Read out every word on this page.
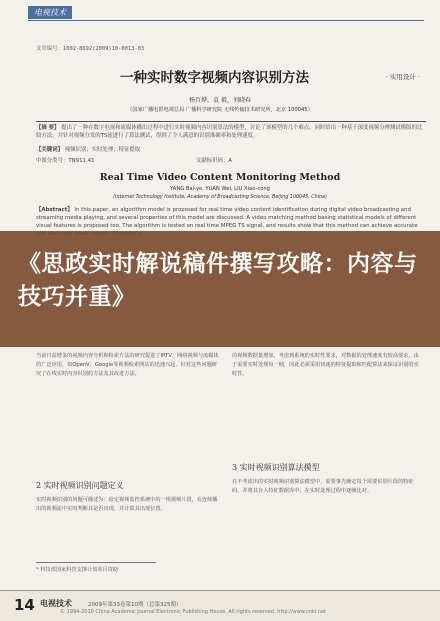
电视技术
文章编号：1002-8692(2009)10-0013-03
一种实时数字视频内容识别方法	· 实用设计 ·
杨百烨，袁 毅，刘晓春
（国家广播电影电视总局 广播科学研究院 无线传输技术研究所，北京 100045）
【摘 要】 提出了一种在数字电视和流媒体播出过程中进行实时视频内容识别算法的模型，讨论了该模型的几个难点，同时给出一种基于深度视频分辨测试模版的比较方法，并针对视频分发的TS流进行了算法测试，得到了令人满意的识别准确率和处理速度。
【关键词】 视频识别；实时处理；特征提取
中图分类号：TN911.41	文献标识码：A
Real Time Video Content Monitoring Method
YANG Bai-ye, YUAN Wei, LIU Xiao-cong
(Internet Technology Institute, Academy of Broadcasting Science, Beijing 100045, China)
【Abstract】 In this paper, an algorithm model is proposed for real time video content identification during digital video broadcasting and streaming media playing, and several properties of this model are discussed. A video matching method basing statistical models of different visual features is proposed too. The algorithm is tested on real time MPEG TS signal, and results show that this method can achieve accurate
《思政实时解说稿件撰写攻略：内容与技巧并重》
当前日益增多的视频内容分析和检索方法的研究促进了IPTV、网络视频与流媒体的广泛应用，如OpenV、Google等视频检索网站的迅速兴起，针对这些问题研究了在线实时内容识别的方法及其改进方法。
2 实时视频识别问题定义
实时视频识别的问题可描述为：给定视频监控系统中的一组视频片段，在连续播出的视频流中实时判断其是否出现，并计算其出现位置。
的视频数据量增加，考虑到系统的实时性要求，对数据的处理速度有较高要求，由于需要实时处理每一帧，因此必须采用快速的特征提取和匹配算法来保证识别的实时性。
3 实时视频识别算法模型
在不考虑出的实时视频识别算法模型中，需要事先确定每个需要识别片段的特征码，并将其存入特征数据库中，在实时处理过程中逐帧比对。
* 科技部国家科技支撑计划项目资助
14 电视技术	2009年第33卷第10期（总第325期）
© 1994-2010 China Academic Journal Electronic Publishing House. All rights reserved. http://www.cnki.net
